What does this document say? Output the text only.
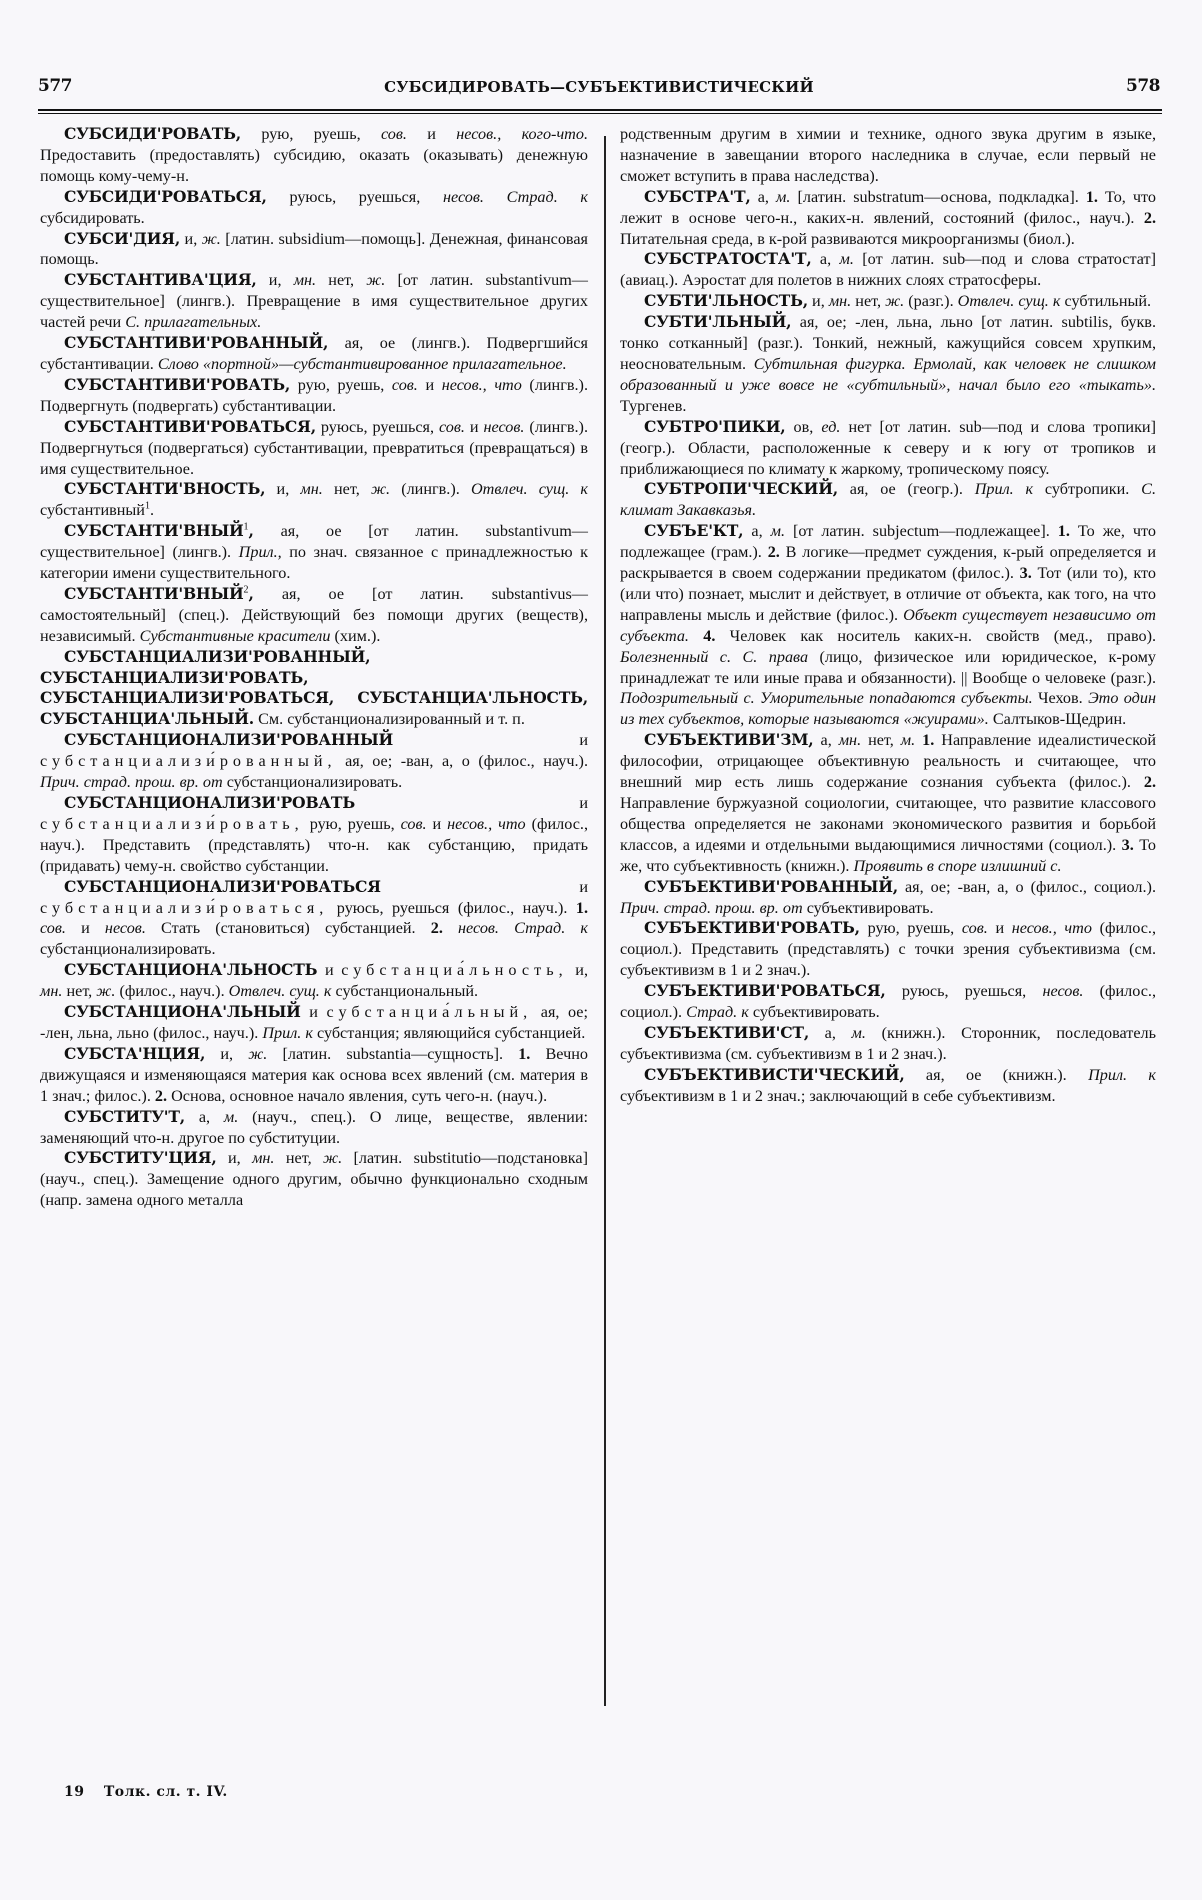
577	СУБСИДИРОВАТЬ—СУБЪЕКТИВИСТИЧЕСКИЙ	578

СУБСИДИ'РОВАТЬ, рую, руешь, сов. и несов., кого-что. Предоставить (предоставлять) субсидию, оказать (оказывать) денежную помощь кому-чему-н.

СУБСИДИ'РОВАТЬСЯ, руюсь, руешься, несов. Страд. к субсидировать.

СУБСИ'ДИЯ, и, ж. [латин. subsidium—помощь]. Денежная, финансовая помощь.

СУБСТАНТИВА'ЦИЯ, и, мн. нет, ж. [от латин. substantivum—существительное] (лингв.). Превращение в имя существительное других частей речи С. прилагательных.

СУБСТАНТИВИ'РОВАННЫЙ, ая, ое (лингв.). Подвергшийся субстантивации. Слово «портной»—субстантивированное прилагательное.

СУБСТАНТИВИ'РОВАТЬ, рую, руешь, сов. и несов., что (лингв.). Подвергнуть (подвергать) субстантивации.

СУБСТАНТИВИ'РОВАТЬСЯ, руюсь, руешься, сов. и несов. (лингв.). Подвергнуться (подвергаться) субстантивации, превратиться (превращаться) в имя существительное.

СУБСТАНТИ'ВНОСТЬ, и, мн. нет, ж. (лингв.). Отвлеч. сущ. к субстантивный$^1$.

СУБСТАНТИ'ВНЫЙ$^1$, ая, ое [от латин. substantivum—существительное] (лингв.). Прил., по знач. связанное с принадлежностью к категории имени существительного.

СУБСТАНТИ'ВНЫЙ$^2$, ая, ое [от латин. substantivus—самостоятельный] (спец.). Действующий без помощи других (веществ), независимый. Субстантивные красители (хим.).

СУБСТАНЦИАЛИЗИ'РОВАННЫЙ, СУБСТАНЦИАЛИЗИ'РОВАТЬ, СУБСТАНЦИАЛИЗИ'РОВАТЬСЯ, СУБСТАНЦИА'ЛЬНОСТЬ, СУБСТАНЦИА'ЛЬНЫЙ. См. субстанционализированный и т. п.

СУБСТАНЦИОНАЛИЗИ'РОВАННЫЙ и субстанциализи́рованный, ая, ое; -ван, а, о (филос., науч.). Прич. страд. прош. вр. от субстанционализировать.

СУБСТАНЦИОНАЛИЗИ'РОВАТЬ и субстанциализи́ровать, рую, руешь, сов. и несов., что (филос., науч.). Представить (представлять) что-н. как субстанцию, придать (придавать) чему-н. свойство субстанции.

СУБСТАНЦИОНАЛИЗИ'РОВАТЬСЯ и субстанциализи́роваться, руюсь, руешься (филос., науч.). 1. сов. и несов. Стать (становиться) субстанцией. 2. несов. Страд. к субстанционализировать.

СУБСТАНЦИОНА'ЛЬНОСТЬ и субстанциа́льность, и, мн. нет, ж. (филос., науч.). Отвлеч. сущ. к субстанциональный.

СУБСТАНЦИОНА'ЛЬНЫЙ и субстанциа́льный, ая, ое; -лен, льна, льно (филос., науч.). Прил. к субстанция; являющийся субстанцией.

СУБСТА'НЦИЯ, и, ж. [латин. substantia—сущность]. 1. Вечно движущаяся и изменяющаяся материя как основа всех явлений (см. материя в 1 знач.; филос.). 2. Основа, основное начало явления, суть чего-н. (науч.).

СУБСТИТУ'Т, а, м. (науч., спец.). О лице, веществе, явлении: заменяющий что-н. другое по субституции.

СУБСТИТУ'ЦИЯ, и, мн. нет, ж. [латин. substitutio—подстановка] (науч., спец.). Замещение одного другим, обычно функционально сходным (напр. замена одного металла

родственным другим в химии и технике, одного звука другим в языке, назначение в завещании второго наследника в случае, если первый не сможет вступить в права наследства).

СУБСТРА'Т, а, м. [латин. substratum—основа, подкладка]. 1. То, что лежит в основе чего-н., каких-н. явлений, состояний (филос., науч.). 2. Питательная среда, в к-рой развиваются микроорганизмы (биол.).

СУБСТРАТОСТА'Т, а, м. [от латин. sub—под и слова стратостат] (авиац.). Аэростат для полетов в нижних слоях стратосферы.

СУБТИ'ЛЬНОСТЬ, и, мн. нет, ж. (разг.). Отвлеч. сущ. к субтильный.

СУБТИ'ЛЬНЫЙ, ая, ое; -лен, льна, льно [от латин. subtilis, букв. тонко сотканный] (разг.). Тонкий, нежный, кажущийся совсем хрупким, неосновательным. Субтильная фигурка. Ермолай, как человек не слишком образованный и уже вовсе не «субтильный», начал было его «тыкать». Тургенев.

СУБТРО'ПИКИ, ов, ед. нет [от латин. sub—под и слова тропики] (геогр.). Области, расположенные к северу и к югу от тропиков и приближающиеся по климату к жаркому, тропическому поясу.

СУБТРОПИ'ЧЕСКИЙ, ая, ое (геогр.). Прил. к субтропики. С. климат Закавказья.

СУБЪЕ'КТ, а, м. [от латин. subjectum—подлежащее]. 1. То же, что подлежащее (грам.). 2. В логике—предмет суждения, к-рый определяется и раскрывается в своем содержании предикатом (филос.). 3. Тот (или то), кто (или что) познает, мыслит и действует, в отличие от объекта, как того, на что направлены мысль и действие (филос.). Объект существует независимо от субъекта. 4. Человек как носитель каких-н. свойств (мед., право). Болезненный с. С. права (лицо, физическое или юридическое, к-рому принадлежат те или иные права и обязанности). || Вообще о человеке (разг.). Подозрительный с. Уморительные попадаются субъекты. Чехов. Это один из тех субъектов, которые называются «жуирами». Салтыков-Щедрин.

СУБЪЕКТИВИ'ЗМ, а, мн. нет, м. 1. Направление идеалистической философии, отрицающее объективную реальность и считающее, что внешний мир есть лишь содержание сознания субъекта (филос.). 2. Направление буржуазной социологии, считающее, что развитие классового общества определяется не законами экономического развития и борьбой классов, а идеями и отдельными выдающимися личностями (социол.). 3. То же, что субъективность (книжн.). Проявить в споре излишний с.

СУБЪЕКТИВИ'РОВАННЫЙ, ая, ое; -ван, а, о (филос., социол.). Прич. страд. прош. вр. от субъективировать.

СУБЪЕКТИВИ'РОВАТЬ, рую, руешь, сов. и несов., что (филос., социол.). Представить (представлять) с точки зрения субъективизма (см. субъективизм в 1 и 2 знач.).

СУБЪЕКТИВИ'РОВАТЬСЯ, руюсь, руешься, несов. (филос., социол.). Страд. к субъективировать.

СУБЪЕКТИВИ'СТ, а, м. (книжн.). Сторонник, последователь субъективизма (см. субъективизм в 1 и 2 знач.).

СУБЪЕКТИВИСТИ'ЧЕСКИЙ, ая, ое (книжн.). Прил. к субъективизм в 1 и 2 знач.; заключающий в себе субъективизм.

19 Толк. сл. т. IV.
